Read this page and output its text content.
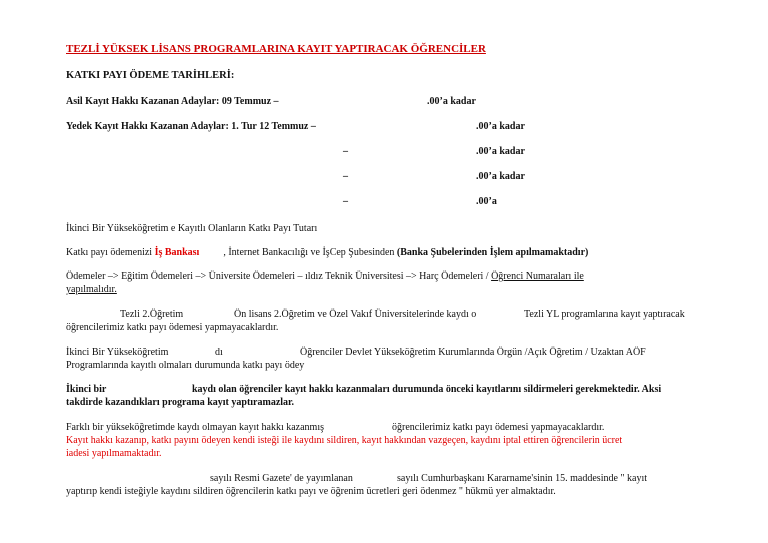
TEZLİ YÜKSEK LİSANS PROGRAMLARINA KAYIT YAPTIRACAK ÖĞRENCİLER
KATKI PAYI ÖDEME TARİHLERİ:
Asil Kayıt Hakkı Kazanan Adaylar: 09 Temmuz –	.00’a kadar
Yedek Kayıt Hakkı Kazanan Adaylar: 1. Tur 12 Temmuz –	.00’a kadar
–	.00’a kadar
–	.00’a kadar
–	.00’a
İkinci Bir Yükseköğretim e Kayıtlı Olanların Katkı Payı Tutarı
Katkı payı ödemenizi İş Bankası , İnternet Bankacılığı ve İşCep Şubesinden (Banka Şubelerinden İşlem apılmamaktadır)
Ödemeler –> Eğitim Ödemeleri –> Üniversite Ödemeleri – ıldız Teknik Üniversitesi –> Harç Ödemeleri / Öğrenci Numaraları ile
yapılmalıdır.
Tezli 2.Öğretim	Ön lisans 2.Öğretim ve Özel Vakıf Üniversitelerinde kaydı o	Tezli YL programlarına kayıt yaptıracak
öğrencilerimiz katkı payı ödemesi yapmayacaklardır.
İkinci Bir Yükseköğretim	dı	Öğrenciler Devlet Yükseköğretim Kurumlarında Örgün /Açık Öğretim / Uzaktan AÖF
Programlarında kayıtlı olmaları durumunda katkı payı ödey
İkinci bir	kaydı olan öğrenciler kayıt hakkı kazanmaları durumunda önceki kayıtlarını sildirmeleri gerekmektedir. Aksi
takdirde kazandıkları programa kayıt yaptıramazlar.
Farklı bir yükseköğretimde kaydı olmayan kayıt hakkı kazanmış	öğrencilerimiz katkı payı ödemesi yapmayacaklardır.
Kayıt hakkı kazanıp, katkı payını ödeyen kendi isteği ile kaydını sildiren, kayıt hakkından vazgeçen, kaydını iptal ettiren öğrencilerin ücret
iadesi yapılmamaktadır.
sayılı Resmi Gazete' de yayımlanan	sayılı Cumhurbaşkanı Kararname'sinin 15. maddesinde " kayıt
yaptırıp kendi isteğiyle kaydını sildiren öğrencilerin katkı payı ve öğrenim ücretleri geri ödenmez " hükmü yer almaktadır.
